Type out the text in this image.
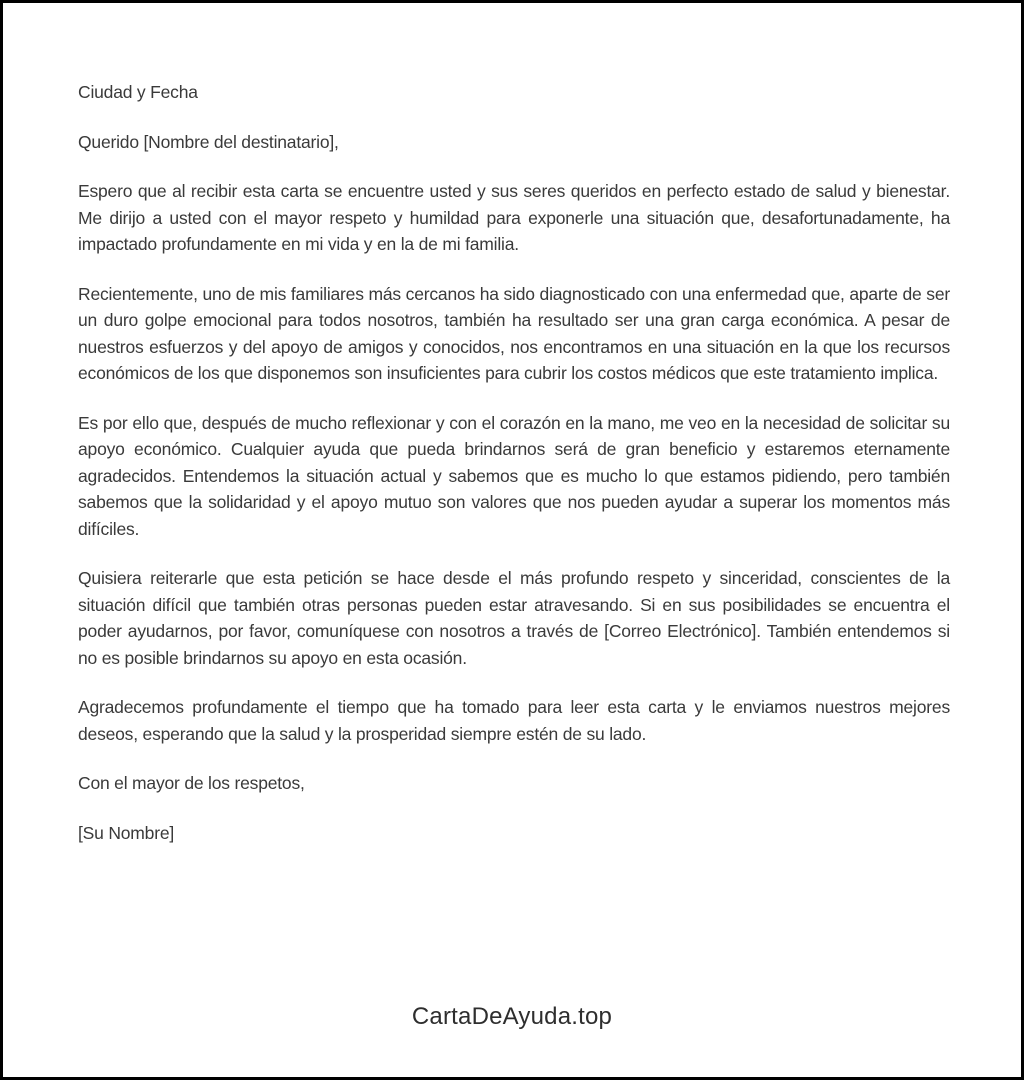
Ciudad y Fecha

Querido [Nombre del destinatario],

Espero que al recibir esta carta se encuentre usted y sus seres queridos en perfecto estado de salud y bienestar. Me dirijo a usted con el mayor respeto y humildad para exponerle una situación que, desafortunadamente, ha impactado profundamente en mi vida y en la de mi familia.

Recientemente, uno de mis familiares más cercanos ha sido diagnosticado con una enfermedad que, aparte de ser un duro golpe emocional para todos nosotros, también ha resultado ser una gran carga económica. A pesar de nuestros esfuerzos y del apoyo de amigos y conocidos, nos encontramos en una situación en la que los recursos económicos de los que disponemos son insuficientes para cubrir los costos médicos que este tratamiento implica.

Es por ello que, después de mucho reflexionar y con el corazón en la mano, me veo en la necesidad de solicitar su apoyo económico. Cualquier ayuda que pueda brindarnos será de gran beneficio y estaremos eternamente agradecidos. Entendemos la situación actual y sabemos que es mucho lo que estamos pidiendo, pero también sabemos que la solidaridad y el apoyo mutuo son valores que nos pueden ayudar a superar los momentos más difíciles.

Quisiera reiterarle que esta petición se hace desde el más profundo respeto y sinceridad, conscientes de la situación difícil que también otras personas pueden estar atravesando. Si en sus posibilidades se encuentra el poder ayudarnos, por favor, comuníquese con nosotros a través de [Correo Electrónico]. También entendemos si no es posible brindarnos su apoyo en esta ocasión.

Agradecemos profundamente el tiempo que ha tomado para leer esta carta y le enviamos nuestros mejores deseos, esperando que la salud y la prosperidad siempre estén de su lado.

Con el mayor de los respetos,

[Su Nombre]

CartaDeAyuda.top
